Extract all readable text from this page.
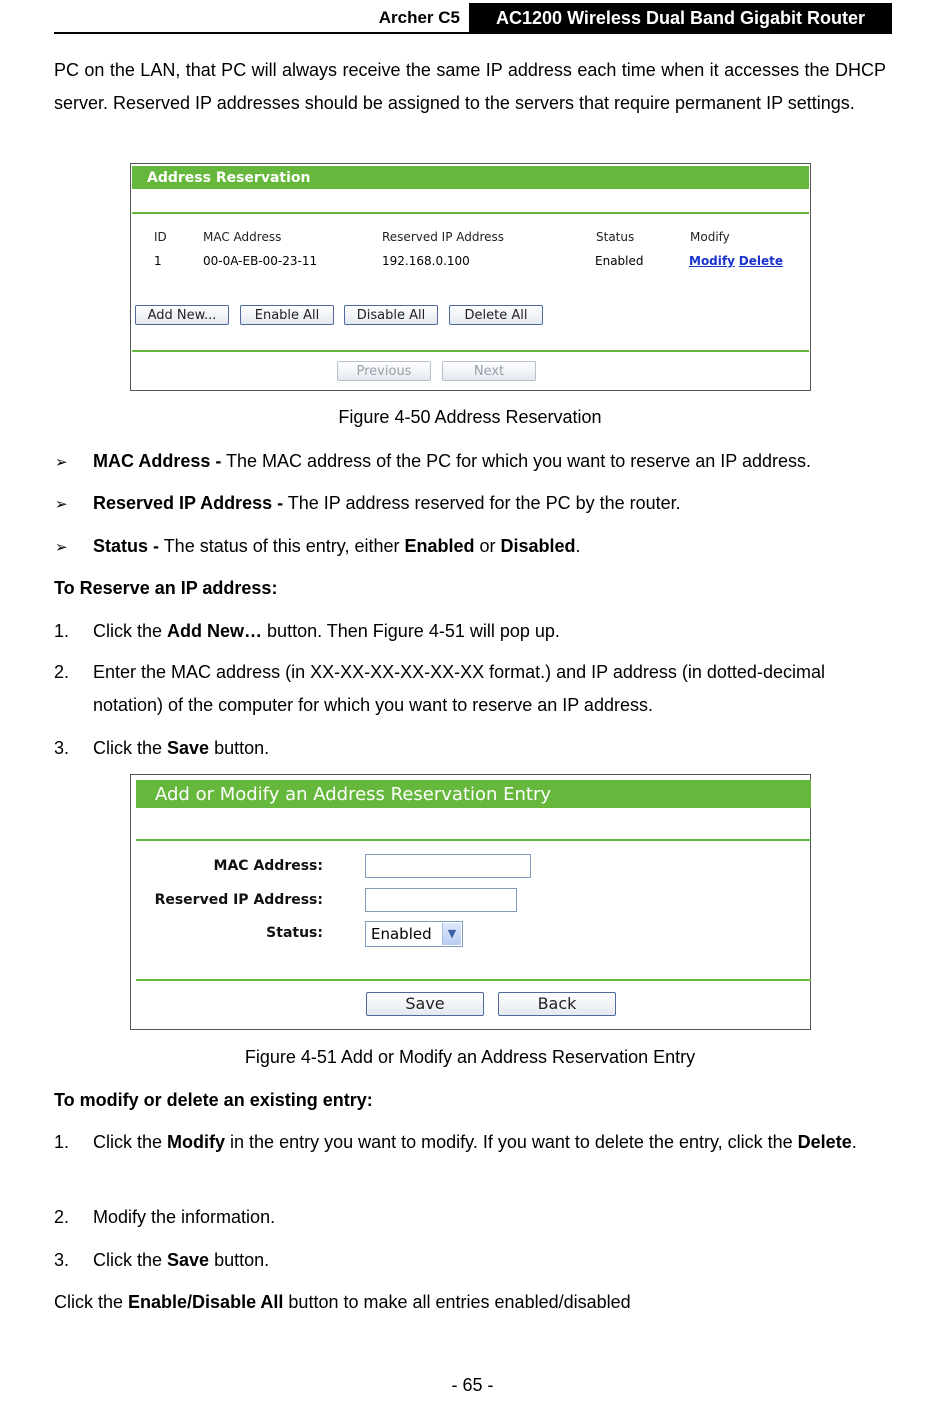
Archer C5	AC1200 Wireless Dual Band Gigabit Router
PC on the LAN, that PC will always receive the same IP address each time when it accesses the DHCP server. Reserved IP addresses should be assigned to the servers that require permanent IP settings.
Address Reservation
ID	MAC Address	Reserved IP Address	Status	Modify
1	00-0A-EB-00-23-11	192.168.0.100	Enabled	Modify Delete
Add New...	Enable All	Disable All	Delete All
Previous	Next
Figure 4-50 Address Reservation
➢ MAC Address - The MAC address of the PC for which you want to reserve an IP address.
➢ Reserved IP Address - The IP address reserved for the PC by the router.
➢ Status - The status of this entry, either Enabled or Disabled.
To Reserve an IP address:
1. Click the Add New… button. Then Figure 4-51 will pop up.
2. Enter the MAC address (in XX-XX-XX-XX-XX-XX format.) and IP address (in dotted-decimal
notation) of the computer for which you want to reserve an IP address.
3. Click the Save button.
Add or Modify an Address Reservation Entry
MAC Address:
Reserved IP Address:
Status:	Enabled	▼
Save	Back
Figure 4-51 Add or Modify an Address Reservation Entry
To modify or delete an existing entry:
1. Click the Modify in the entry you want to modify. If you want to delete the entry, click the Delete.
2. Modify the information.
3. Click the Save button.
Click the Enable/Disable All button to make all entries enabled/disabled
- 65 -
